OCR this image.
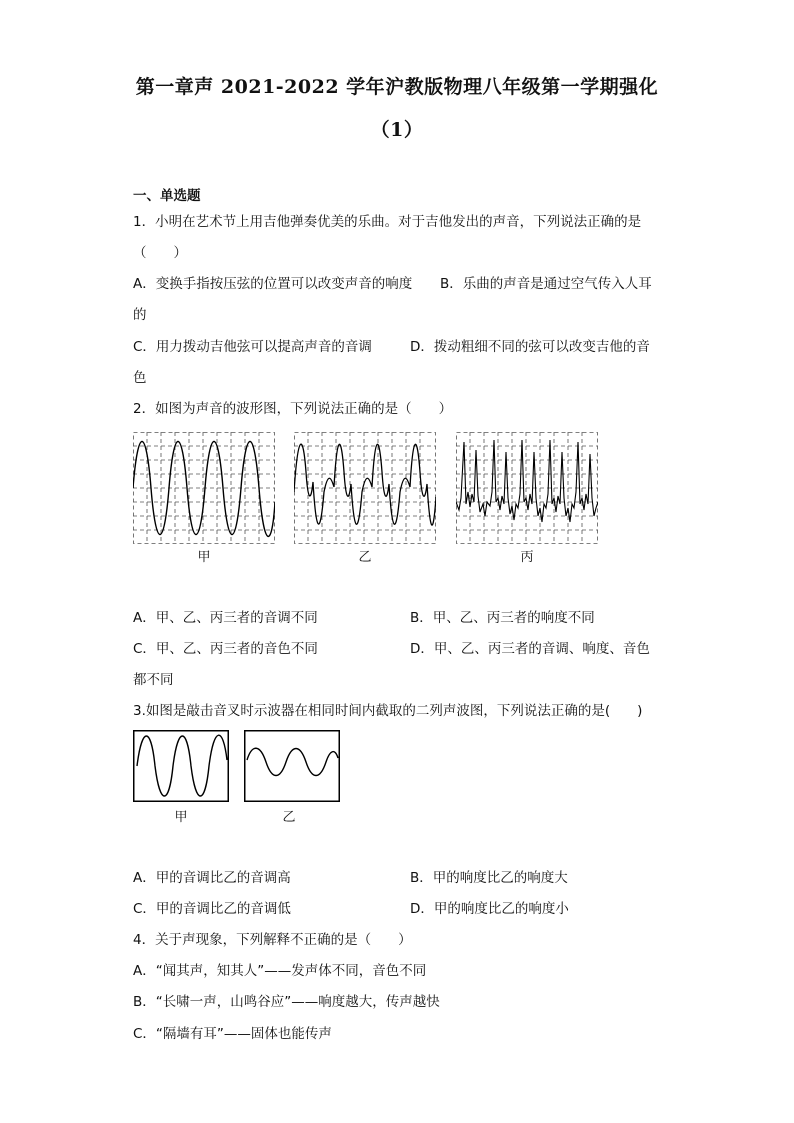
第一章声 2021-2022 学年沪教版物理八年级第一学期强化
（1）
一、单选题
1．小明在艺术节上用吉他弹奏优美的乐曲。对于吉他发出的声音，下列说法正确的是
（　　）
A．变换手指按压弦的位置可以改变声音的响度 B．乐曲的声音是通过空气传入人耳
的
C．用力拨动吉他弦可以提高声音的音调	D．拨动粗细不同的弦可以改变吉他的音
色
2．如图为声音的波形图，下列说法正确的是（　　）
甲	乙	丙
A．甲、乙、丙三者的音调不同	B．甲、乙、丙三者的响度不同
C．甲、乙、丙三者的音色不同	D．甲、乙、丙三者的音调、响度、音色
都不同
3.如图是敲击音叉时示波器在相同时间内截取的二列声波图，下列说法正确的是(　　)
甲	乙
A．甲的音调比乙的音调高	B．甲的响度比乙的响度大
C．甲的音调比乙的音调低	D．甲的响度比乙的响度小
4．关于声现象，下列解释不正确的是（　　）
A．“闻其声，知其人”——发声体不同，音色不同
B．“长啸一声，山鸣谷应”——响度越大，传声越快
C．“隔墙有耳”——固体也能传声
